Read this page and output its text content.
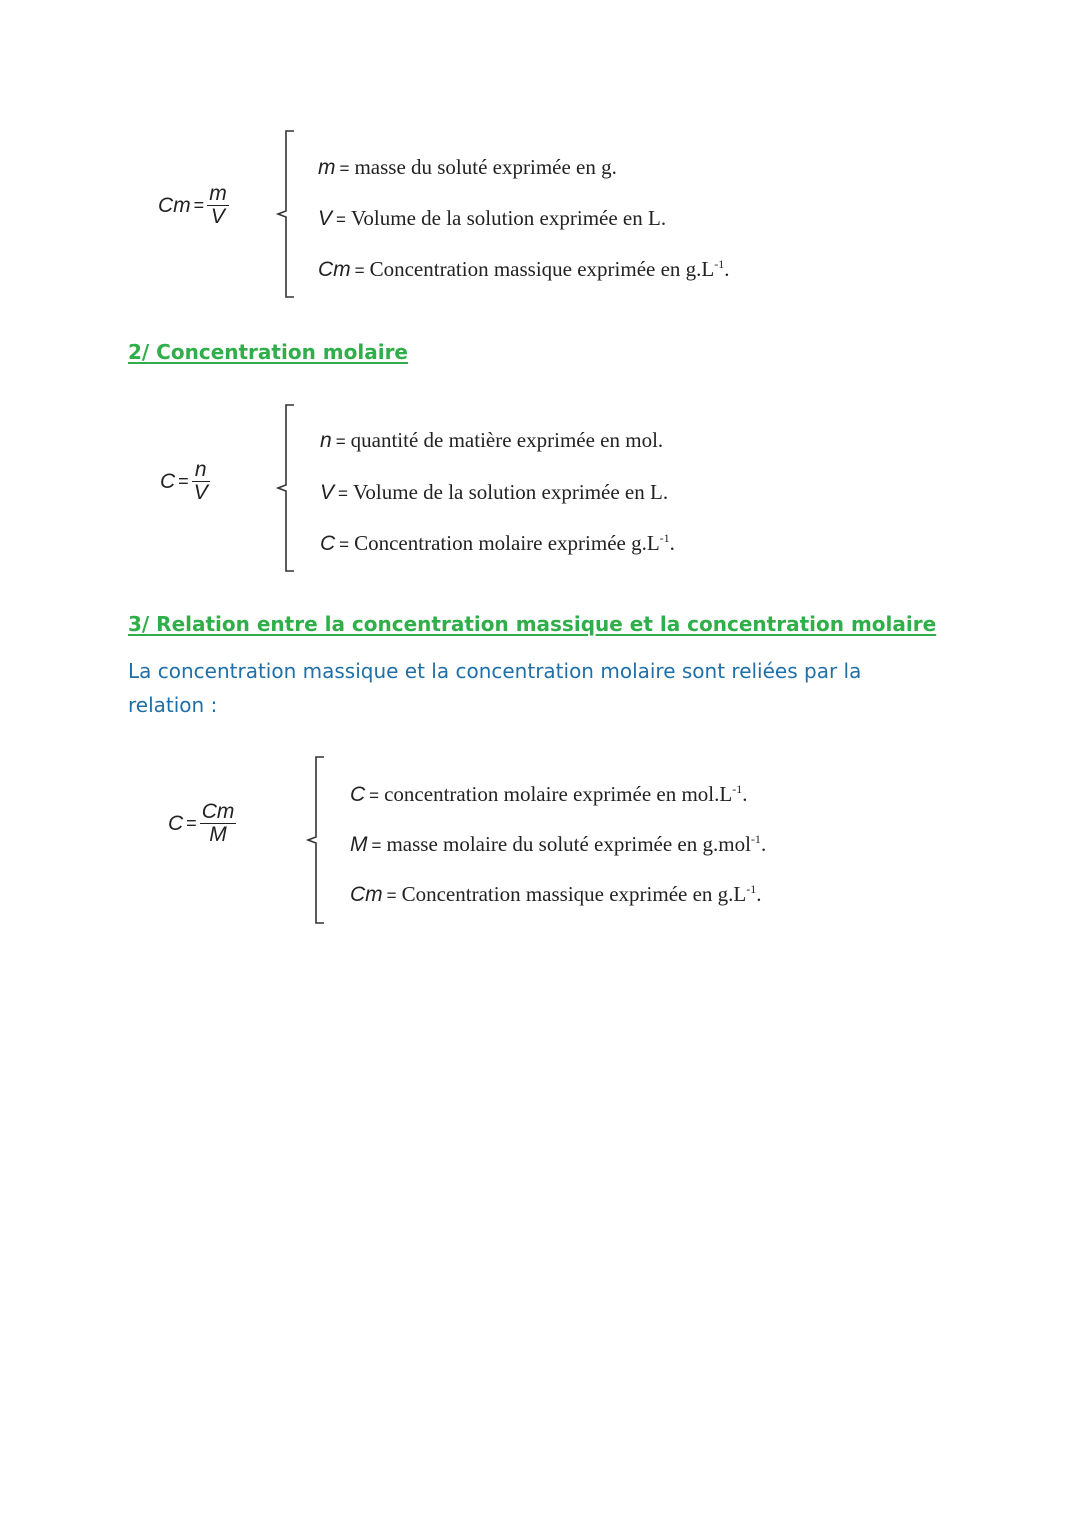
$Cm = \frac{m}{V}$
m = masse du soluté exprimée en g.
V = Volume de la solution exprimée en L.
Cm = Concentration massique exprimée en $g.L^{-1}$.
2/ Concentration molaire
$C = \frac{n}{V}$
n = quantité de matière exprimée en mol.
V = Volume de la solution exprimée en L.
C = Concentration molaire exprimée $g.L^{-1}$.
3/ Relation entre la concentration massique et la concentration molaire
La concentration massique et la concentration molaire sont reliées par la relation :
$C = \frac{Cm}{M}$
C = concentration molaire exprimée en $mol.L^{-1}$.
M = masse molaire du soluté exprimée en g.mol$^{-1}$.
Cm = Concentration massique exprimée en $g.L^{-1}$.
